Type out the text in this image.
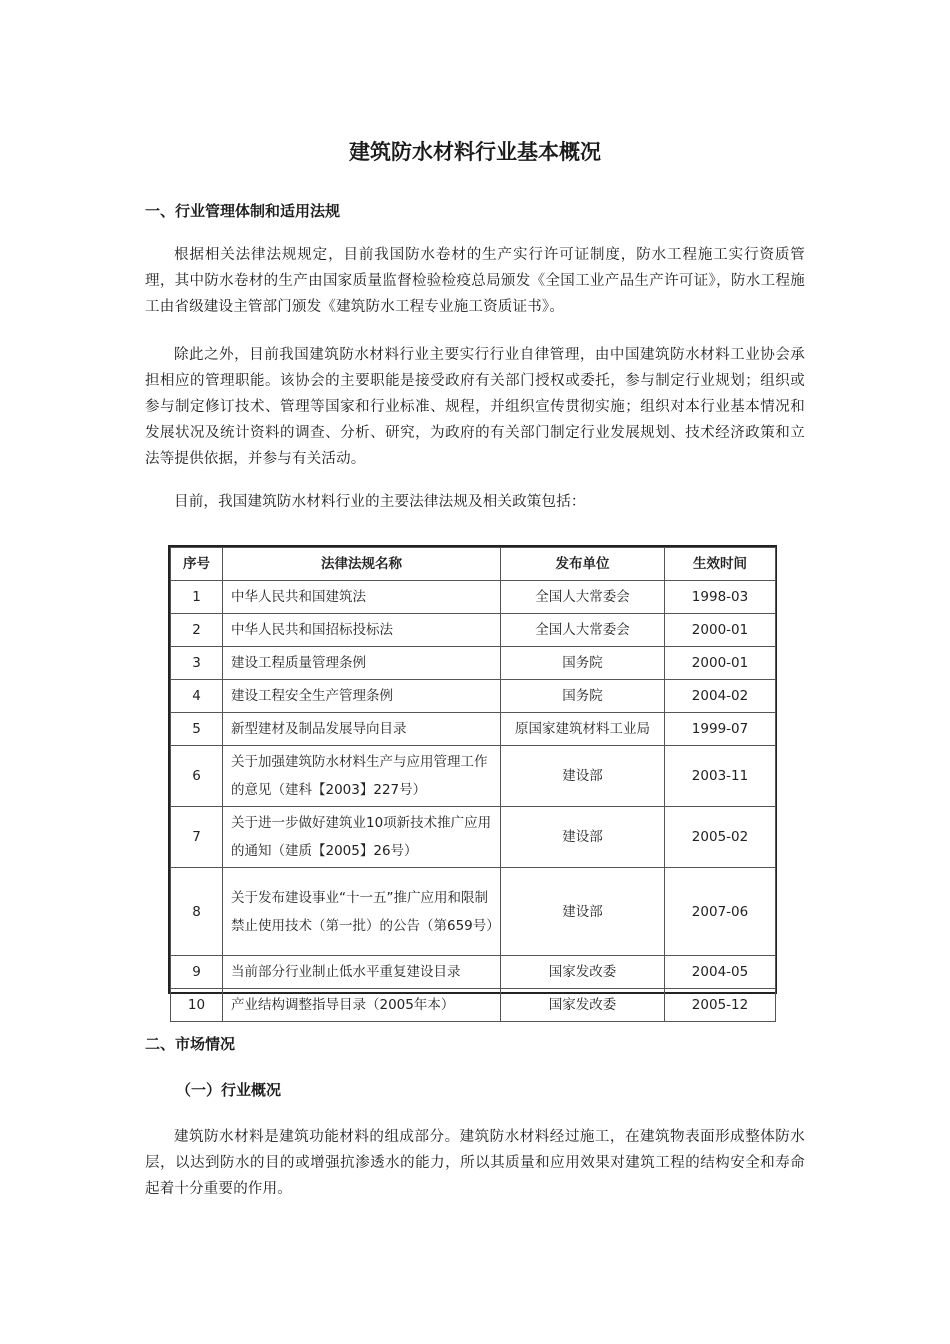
建筑防水材料行业基本概况
一、行业管理体制和适用法规

根据相关法律法规规定，目前我国防水卷材的生产实行许可证制度，防水工程施工实行资质管理，其中防水卷材的生产由国家质量监督检验检疫总局颁发《全国工业产品生产许可证》，防水工程施工由省级建设主管部门颁发《建筑防水工程专业施工资质证书》。

除此之外，目前我国建筑防水材料行业主要实行行业自律管理，由中国建筑防水材料工业协会承担相应的管理职能。该协会的主要职能是接受政府有关部门授权或委托，参与制定行业规划；组织或参与制定修订技术、管理等国家和行业标准、规程，并组织宣传贯彻实施；组织对本行业基本情况和发展状况及统计资料的调查、分析、研究，为政府的有关部门制定行业发展规划、技术经济政策和立法等提供依据，并参与有关活动。

目前，我国建筑防水材料行业的主要法律法规及相关政策包括：

序号	法律法规名称	发布单位	生效时间
1	中华人民共和国建筑法	全国人大常委会	1998-03
2	中华人民共和国招标投标法	全国人大常委会	2000-01
3	建设工程质量管理条例	国务院	2000-01
4	建设工程安全生产管理条例	国务院	2004-02
5	新型建材及制品发展导向目录	原国家建筑材料工业局	1999-07
6	关于加强建筑防水材料生产与应用管理工作的意见（建科【2003】227号）	建设部	2003-11
7	关于进一步做好建筑业10项新技术推广应用的通知（建质【2005】26号）	建设部	2005-02
8	关于发布建设事业“十一五”推广应用和限制禁止使用技术（第一批）的公告（第659号）	建设部	2007-06
9	当前部分行业制止低水平重复建设目录	国家发改委	2004-05
10	产业结构调整指导目录（2005年本）	国家发改委	2005-12
二、市场情况
（一）行业概况

建筑防水材料是建筑功能材料的组成部分。建筑防水材料经过施工，在建筑物表面形成整体防水层，以达到防水的目的或增强抗渗透水的能力，所以其质量和应用效果对建筑工程的结构安全和寿命起着十分重要的作用。
